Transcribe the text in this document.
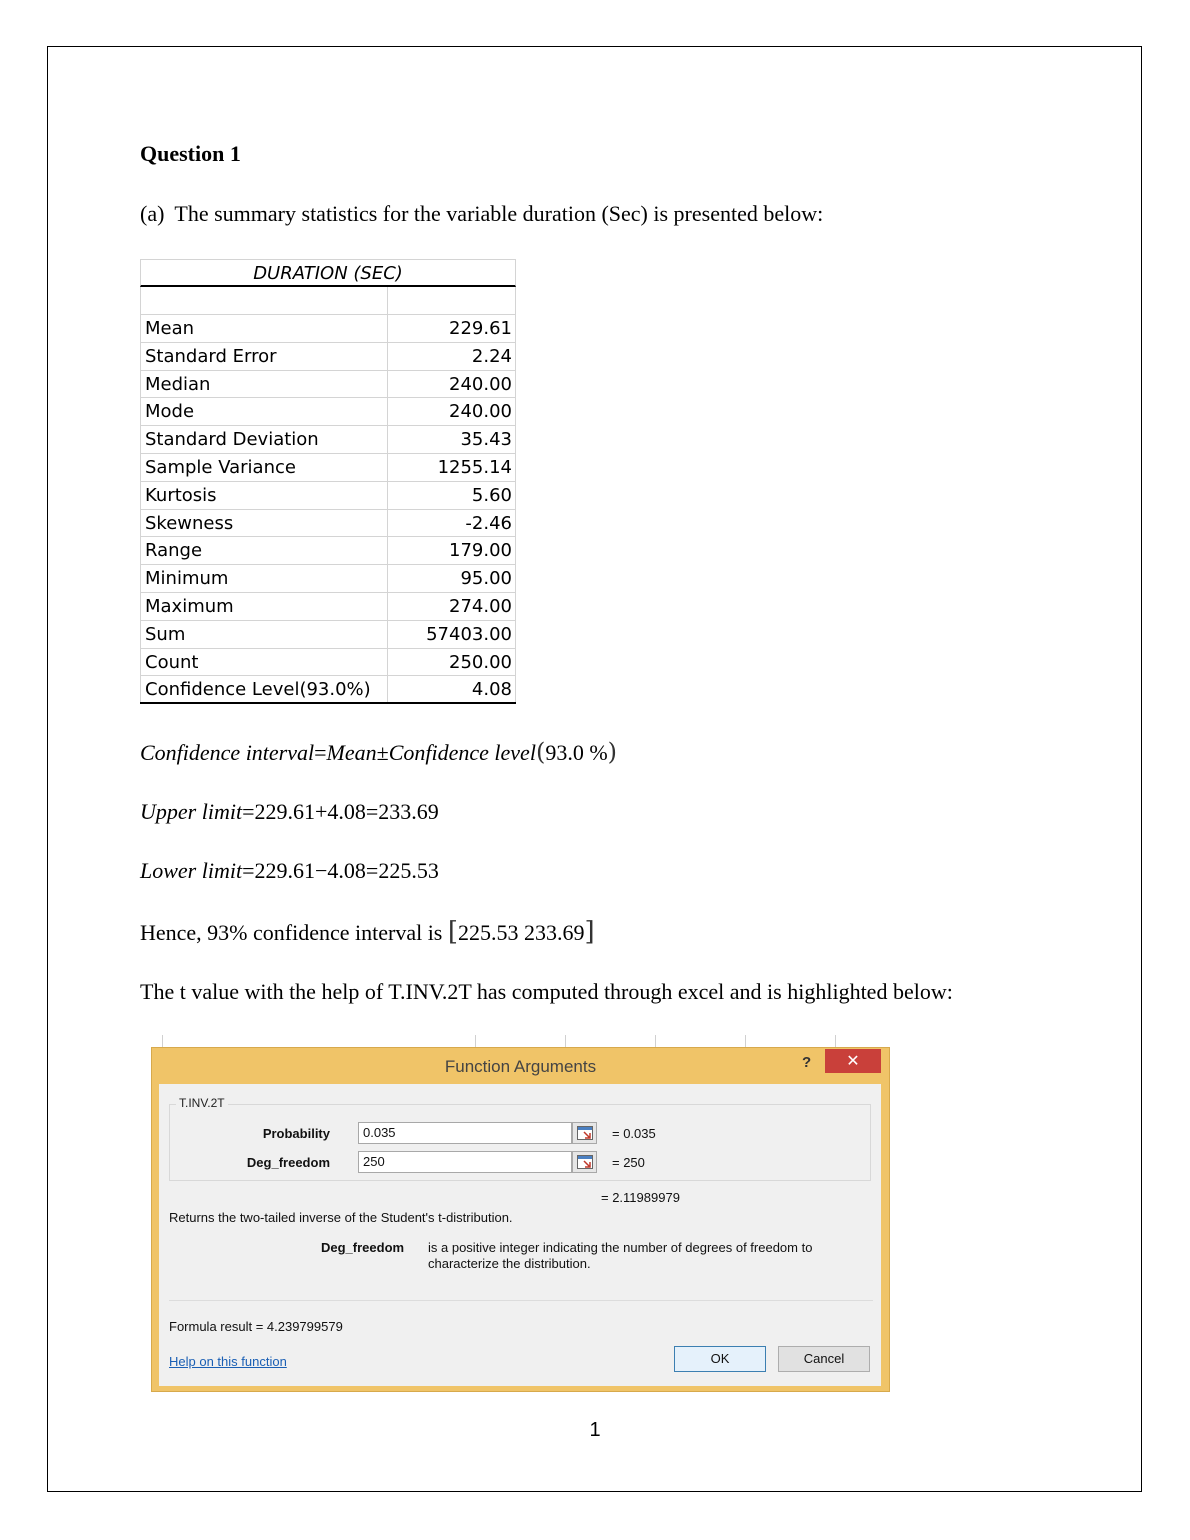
Question 1
(a) The summary statistics for the variable duration (Sec) is presented below:
DURATION (SEC)
Mean	229.61
Standard Error	2.24
Median	240.00
Mode	240.00
Standard Deviation	35.43
Sample Variance	1255.14
Kurtosis	5.60
Skewness	-2.46
Range	179.00
Minimum	95.00
Maximum	274.00
Sum	57403.00
Count	250.00
Confidence Level(93.0%)	4.08
Confidence interval=Mean±Confidence level(93.0 %)
Upper limit=229.61+4.08=233.69
Lower limit=229.61−4.08=225.53
Hence, 93% confidence interval is [225.53 233.69]
The t value with the help of T.INV.2T has computed through excel and is highlighted below:
Function Arguments	?	✕
Probability	0.035	= 0.035
Deg_freedom	250	= 250
T.INV.2T
= 2.11989979
Returns the two-tailed inverse of the Student's t-distribution.
Deg_freedom is a positive integer indicating the number of degrees of freedom to
characterize the distribution.
Formula result = 4.239799579
Help on this function	OK	Cancel
1
